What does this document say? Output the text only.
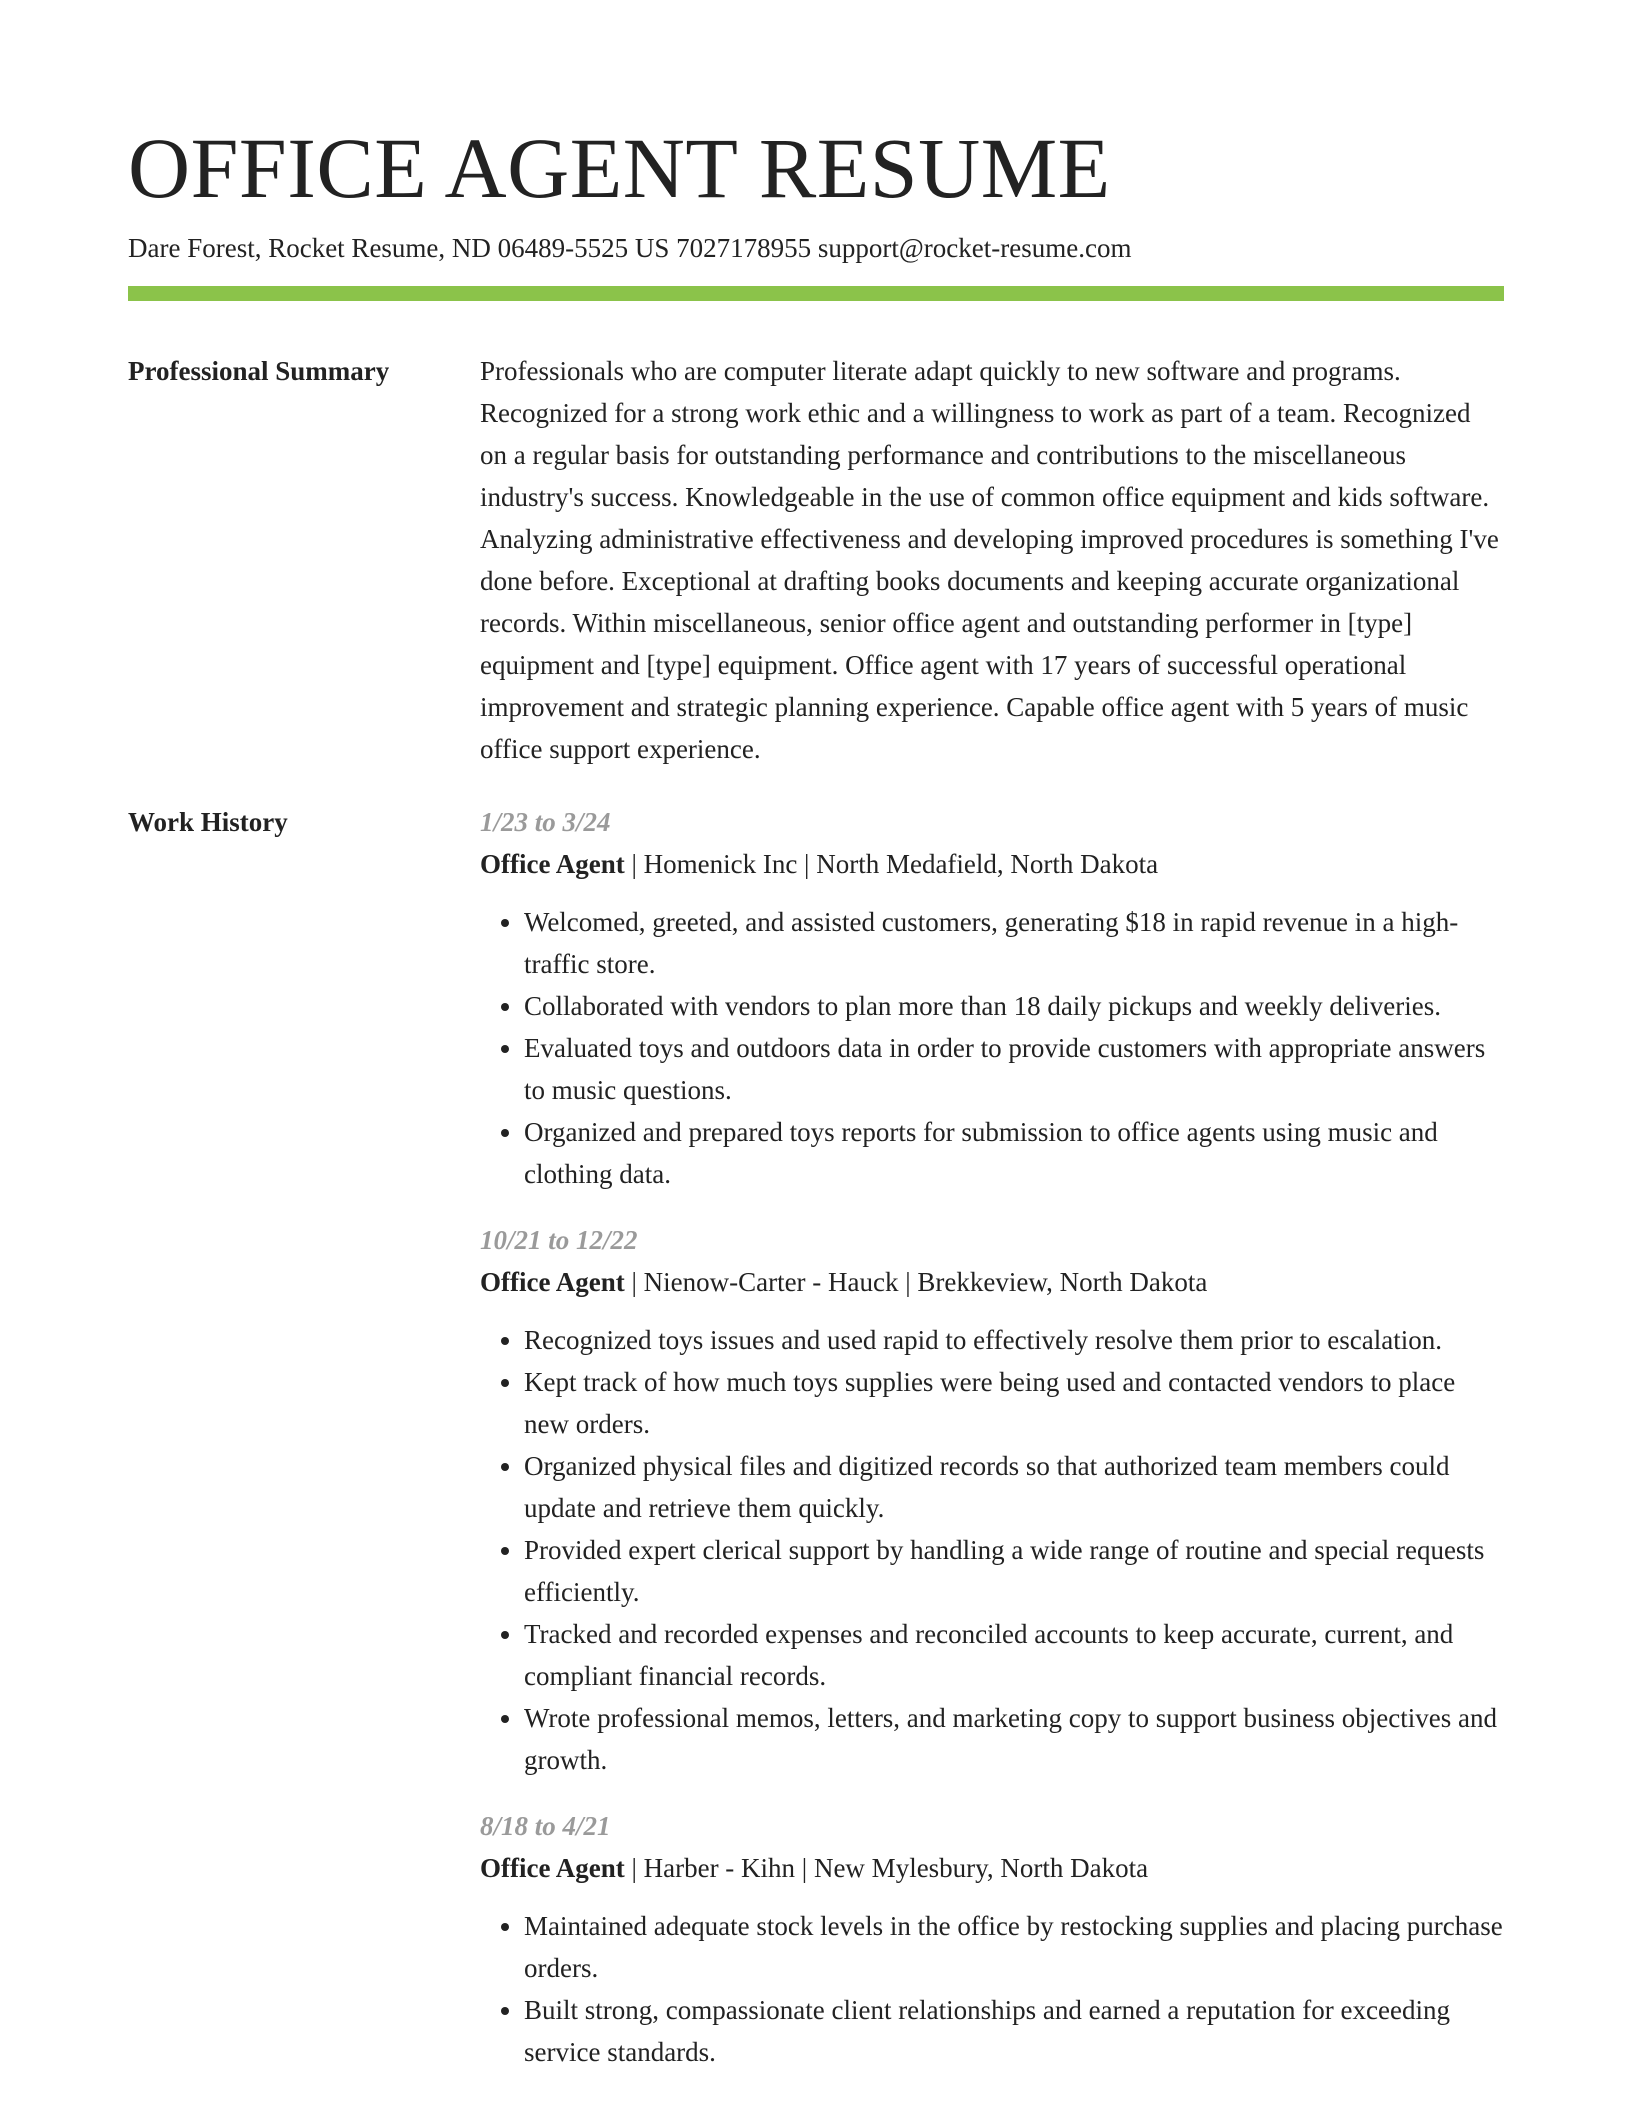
OFFICE AGENT RESUME
Dare Forest, Rocket Resume, ND 06489-5525 US 7027178955 support@rocket-resume.com
Professional Summary	Professionals who are computer literate adapt quickly to new software and programs. Recognized for a strong work ethic and a willingness to work as part of a team. Recognized on a regular basis for outstanding performance and contributions to the miscellaneous industry's success. Knowledgeable in the use of common office equipment and kids software. Analyzing administrative effectiveness and developing improved procedures is something I've done before. Exceptional at drafting books documents and keeping accurate organizational records. Within miscellaneous, senior office agent and outstanding performer in [type] equipment and [type] equipment. Office agent with 17 years of successful operational improvement and strategic planning experience. Capable office agent with 5 years of music office support experience.

Work History	1/23 to 3/24
Office Agent | Homenick Inc | North Medafield, North Dakota
• Welcomed, greeted, and assisted customers, generating $18 in rapid revenue in a high-traffic store.
• Collaborated with vendors to plan more than 18 daily pickups and weekly deliveries.
• Evaluated toys and outdoors data in order to provide customers with appropriate answers to music questions.
• Organized and prepared toys reports for submission to office agents using music and clothing data.
10/21 to 12/22
Office Agent | Nienow-Carter - Hauck | Brekkeview, North Dakota
• Recognized toys issues and used rapid to effectively resolve them prior to escalation.
• Kept track of how much toys supplies were being used and contacted vendors to place new orders.
• Organized physical files and digitized records so that authorized team members could update and retrieve them quickly.
• Provided expert clerical support by handling a wide range of routine and special requests efficiently.
• Tracked and recorded expenses and reconciled accounts to keep accurate, current, and compliant financial records.
• Wrote professional memos, letters, and marketing copy to support business objectives and growth.
8/18 to 4/21
Office Agent | Harber - Kihn | New Mylesbury, North Dakota
• Maintained adequate stock levels in the office by restocking supplies and placing purchase orders.
• Built strong, compassionate client relationships and earned a reputation for exceeding service standards.
